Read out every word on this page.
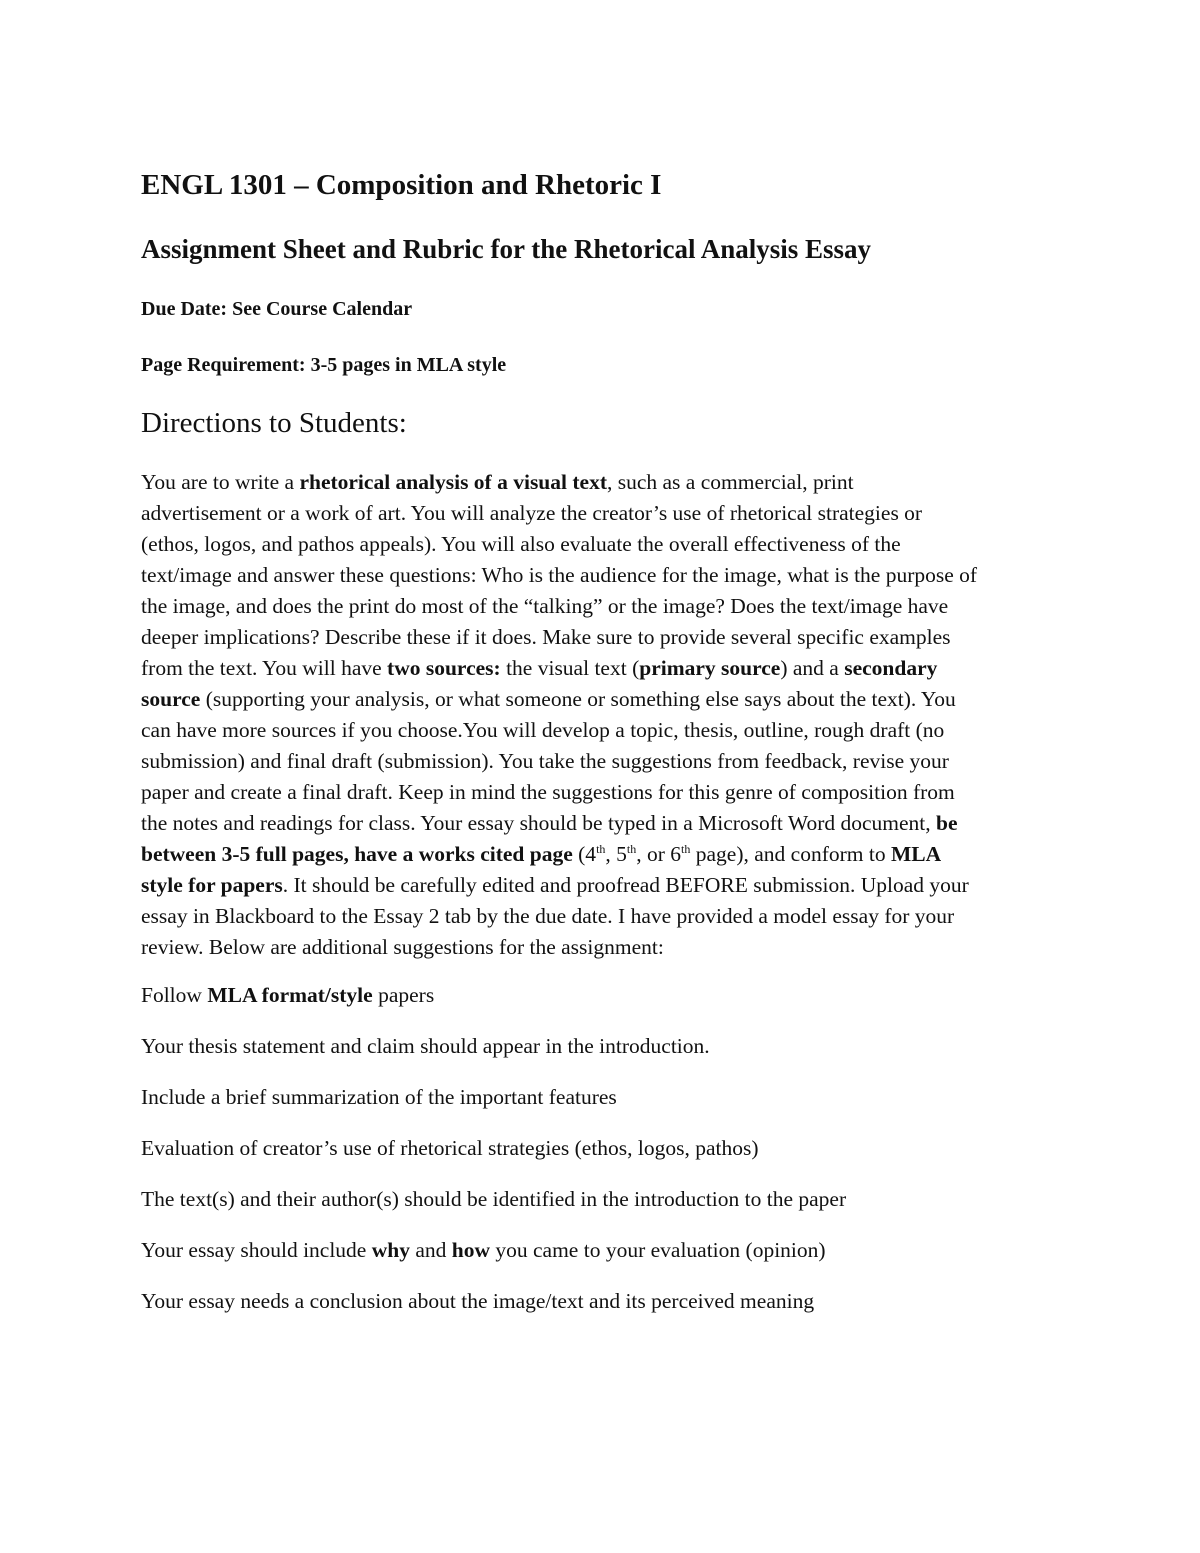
ENGL 1301 – Composition and Rhetoric I
Assignment Sheet and Rubric for the Rhetorical Analysis Essay
Due Date: See Course Calendar
Page Requirement: 3-5 pages in MLA style
Directions to Students:
You are to write a rhetorical analysis of a visual text, such as a commercial, print
advertisement or a work of art. You will analyze the creator’s use of rhetorical strategies or
(ethos, logos, and pathos appeals). You will also evaluate the overall effectiveness of the
text/image and answer these questions: Who is the audience for the image, what is the purpose of
the image, and does the print do most of the “talking” or the image? Does the text/image have
deeper implications? Describe these if it does. Make sure to provide several specific examples
from the text. You will have two sources: the visual text (primary source) and a secondary
source (supporting your analysis, or what someone or something else says about the text). You
can have more sources if you choose.You will develop a topic, thesis, outline, rough draft (no
submission) and final draft (submission). You take the suggestions from feedback, revise your
paper and create a final draft. Keep in mind the suggestions for this genre of composition from
the notes and readings for class. Your essay should be typed in a Microsoft Word document, be
between 3-5 full pages, have a works cited page (4th, 5th, or 6th page), and conform to MLA
style for papers. It should be carefully edited and proofread BEFORE submission. Upload your
essay in Blackboard to the Essay 2 tab by the due date. I have provided a model essay for your
review. Below are additional suggestions for the assignment:
Follow MLA format/style papers
Your thesis statement and claim should appear in the introduction.
Include a brief summarization of the important features
Evaluation of creator’s use of rhetorical strategies (ethos, logos, pathos)
The text(s) and their author(s) should be identified in the introduction to the paper
Your essay should include why and how you came to your evaluation (opinion)
Your essay needs a conclusion about the image/text and its perceived meaning
